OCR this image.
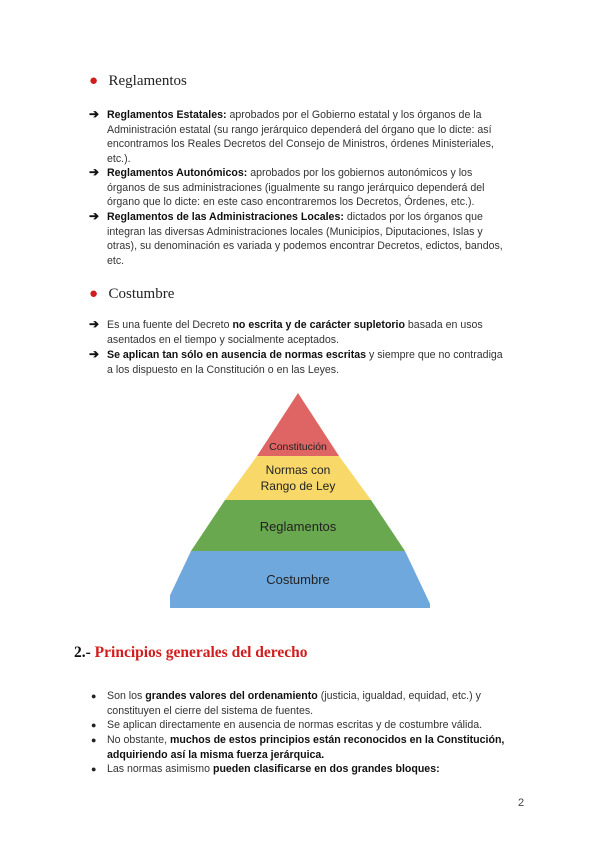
● Reglamentos
➔ Reglamentos Estatales: aprobados por el Gobierno estatal y los órganos de la
Administración estatal (su rango jerárquico dependerá del órgano que lo dicte: así
encontramos los Reales Decretos del Consejo de Ministros, órdenes Ministeriales,
etc.).
➔ Reglamentos Autonómicos: aprobados por los gobiernos autonómicos y los
órganos de sus administraciones (igualmente su rango jerárquico dependerá del
órgano que lo dicte: en este caso encontraremos los Decretos, Órdenes, etc.).
➔ Reglamentos de las Administraciones Locales: dictados por los órganos que
integran las diversas Administraciones locales (Municipios, Diputaciones, Islas y
otras), su denominación es variada y podemos encontrar Decretos, edictos, bandos,
etc.
● Costumbre
➔ Es una fuente del Decreto no escrita y de carácter supletorio basada en usos
asentados en el tiempo y socialmente aceptados.
➔ Se aplican tan sólo en ausencia de normas escritas y siempre que no contradiga
a los dispuesto en la Constitución o en las Leyes.
Constitución
Normas con
Rango de Ley
Reglamentos
Costumbre
2.- Principios generales del derecho
● Son los grandes valores del ordenamiento (justicia, igualdad, equidad, etc.) y
constituyen el cierre del sistema de fuentes.
● Se aplican directamente en ausencia de normas escritas y de costumbre válida.
● No obstante, muchos de estos principios están reconocidos en la Constitución,
adquiriendo así la misma fuerza jerárquica.
● Las normas asimismo pueden clasificarse en dos grandes bloques:
2
